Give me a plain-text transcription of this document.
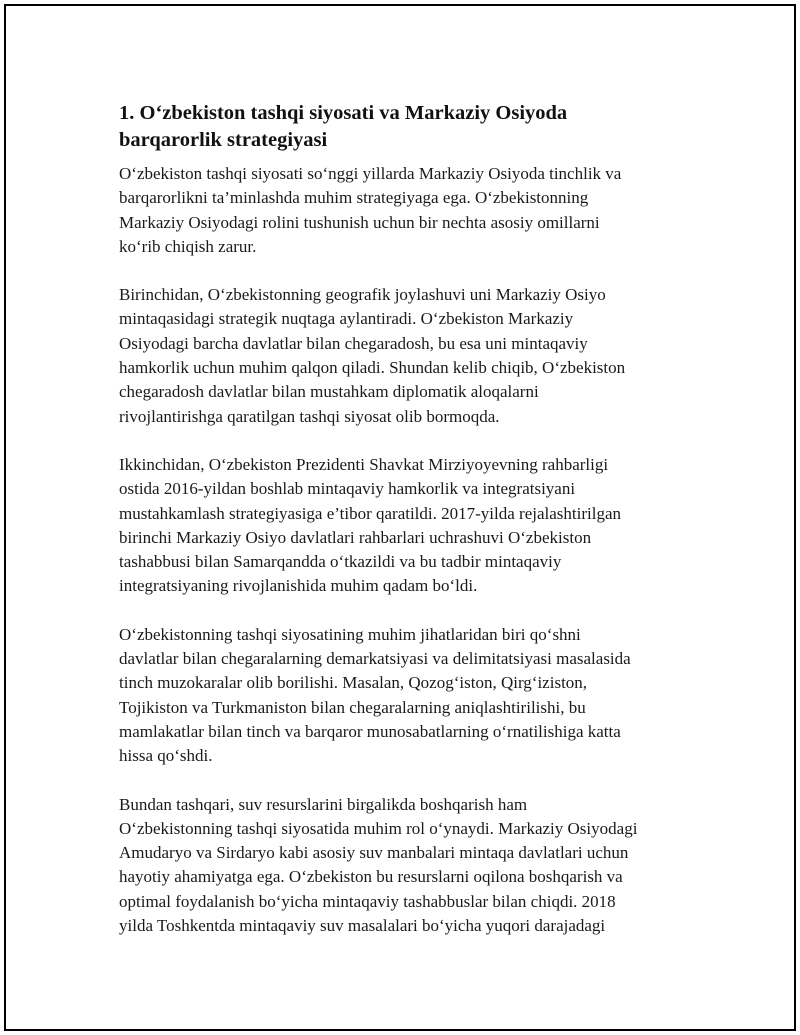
1. O‘zbekiston tashqi siyosati va Markaziy Osiyoda
barqarorlik strategiyasi

O‘zbekiston tashqi siyosati so‘nggi yillarda Markaziy Osiyoda tinchlik va
barqarorlikni ta’minlashda muhim strategiyaga ega. O‘zbekistonning
Markaziy Osiyodagi rolini tushunish uchun bir nechta asosiy omillarni
ko‘rib chiqish zarur.

Birinchidan, O‘zbekistonning geografik joylashuvi uni Markaziy Osiyo
mintaqasidagi strategik nuqtaga aylantiradi. O‘zbekiston Markaziy
Osiyodagi barcha davlatlar bilan chegaradosh, bu esa uni mintaqaviy
hamkorlik uchun muhim qalqon qiladi. Shundan kelib chiqib, O‘zbekiston
chegaradosh davlatlar bilan mustahkam diplomatik aloqalarni
rivojlantirishga qaratilgan tashqi siyosat olib bormoqda.

Ikkinchidan, O‘zbekiston Prezidenti Shavkat Mirziyoyevning rahbarligi
ostida 2016-yildan boshlab mintaqaviy hamkorlik va integratsiyani
mustahkamlash strategiyasiga e’tibor qaratildi. 2017-yilda rejalashtirilgan
birinchi Markaziy Osiyo davlatlari rahbarlari uchrashuvi O‘zbekiston
tashabbusi bilan Samarqandda o‘tkazildi va bu tadbir mintaqaviy
integratsiyaning rivojlanishida muhim qadam bo‘ldi.

O‘zbekistonning tashqi siyosatining muhim jihatlaridan biri qo‘shni
davlatlar bilan chegaralarning demarkatsiyasi va delimitatsiyasi masalasida
tinch muzokaralar olib borilishi. Masalan, Qozog‘iston, Qirg‘iziston,
Tojikiston va Turkmaniston bilan chegaralarning aniqlashtirilishi, bu
mamlakatlar bilan tinch va barqaror munosabatlarning o‘rnatilishiga katta
hissa qo‘shdi.

Bundan tashqari, suv resurslarini birgalikda boshqarish ham
O‘zbekistonning tashqi siyosatida muhim rol o‘ynaydi. Markaziy Osiyodagi
Amudaryo va Sirdaryo kabi asosiy suv manbalari mintaqa davlatlari uchun
hayotiy ahamiyatga ega. O‘zbekiston bu resurslarni oqilona boshqarish va
optimal foydalanish bo‘yicha mintaqaviy tashabbuslar bilan chiqdi. 2018
yilda Toshkentda mintaqaviy suv masalalari bo‘yicha yuqori darajadagi
